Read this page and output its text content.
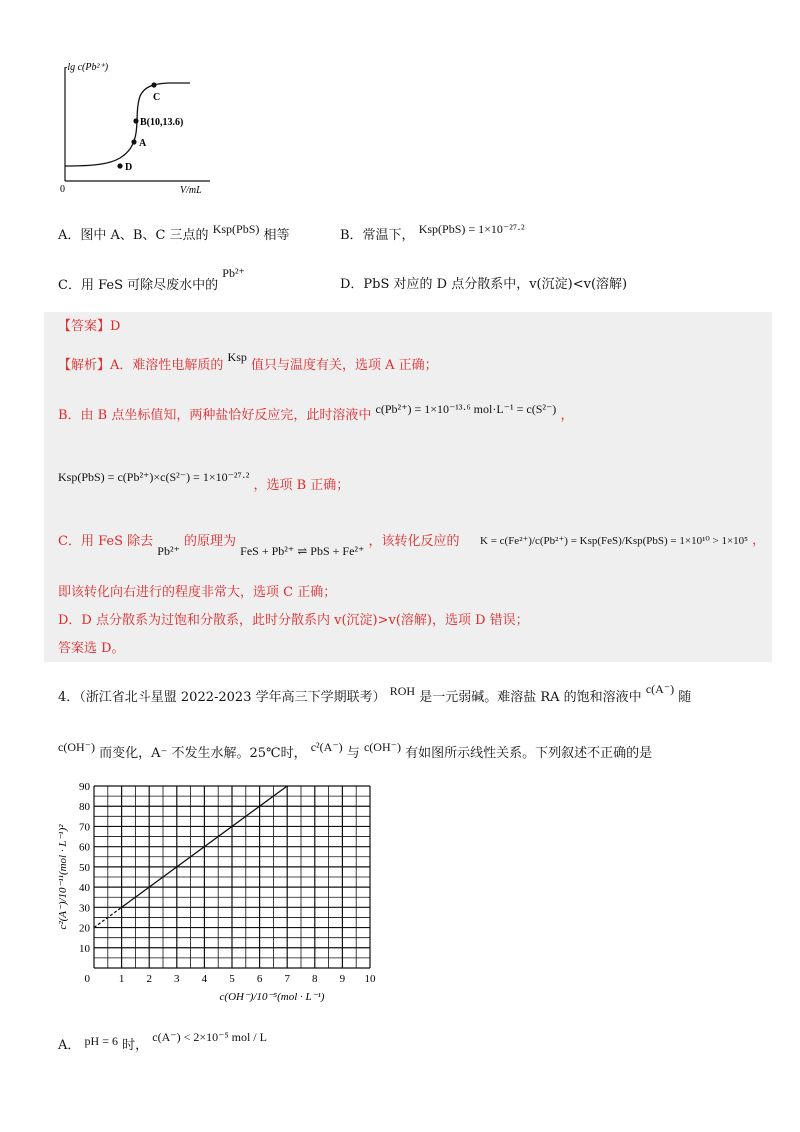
-lg c(Pb²⁺)
V/mL
0
C
B(10,13.6)
A
D
A．图中 A、B、C 三点的 Ksp(PbS) 相等	B．常温下， Ksp(PbS) = 1×10⁻²⁷·²
C．用 FeS 可除尽废水中的 Pb²⁺
D．PbS 对应的 D 点分散系中，v(沉淀)<v(溶解)
【答案】D
【解析】A．难溶性电解质的 Ksp 值只与温度有关，选项 A 正确；
B．由 B 点坐标值知，两种盐恰好反应完，此时溶液中 c(Pb²⁺) = 1×10⁻¹³·⁶ mol·L⁻¹ = c(S²⁻) ，
Ksp(PbS) = c(Pb²⁺)×c(S²⁻) = 1×10⁻²⁷·² ，选项 B 正确；
C．用 FeS 除去 Pb²⁺ 的原理为 FeS + Pb²⁺ ⇌ PbS + Fe²⁺ ，该转化反应的 K = c(Fe²⁺)/c(Pb²⁺) = Ksp(FeS)/Ksp(PbS) = 1×10¹⁰ > 1×10⁵ ，
即该转化向右进行的程度非常大，选项 C 正确；
D．D 点分散系为过饱和分散系，此时分散系内 v(沉淀)>v(溶解)，选项 D 错误；
答案选 D。
4．（浙江省北斗星盟 2022-2023 学年高三下学期联考） ROH 是一元弱碱。难溶盐 RA 的饱和溶液中 c(A⁻) 随
c(OH⁻) 而变化，A⁻ 不发生水解。25℃时， c²(A⁻) 与 c(OH⁻) 有如图所示线性关系。下列叙述不正确的是
1 2 3 4 5 6 7 8 9 10
10
20
30
40
50
60
70
80
90
0
c(OH⁻)/10⁻⁵(mol · L⁻¹)
c²(A⁻)/10⁻¹¹(mol · L⁻¹)²
A． pH = 6 时， c(A⁻) < 2×10⁻⁵ mol / L
